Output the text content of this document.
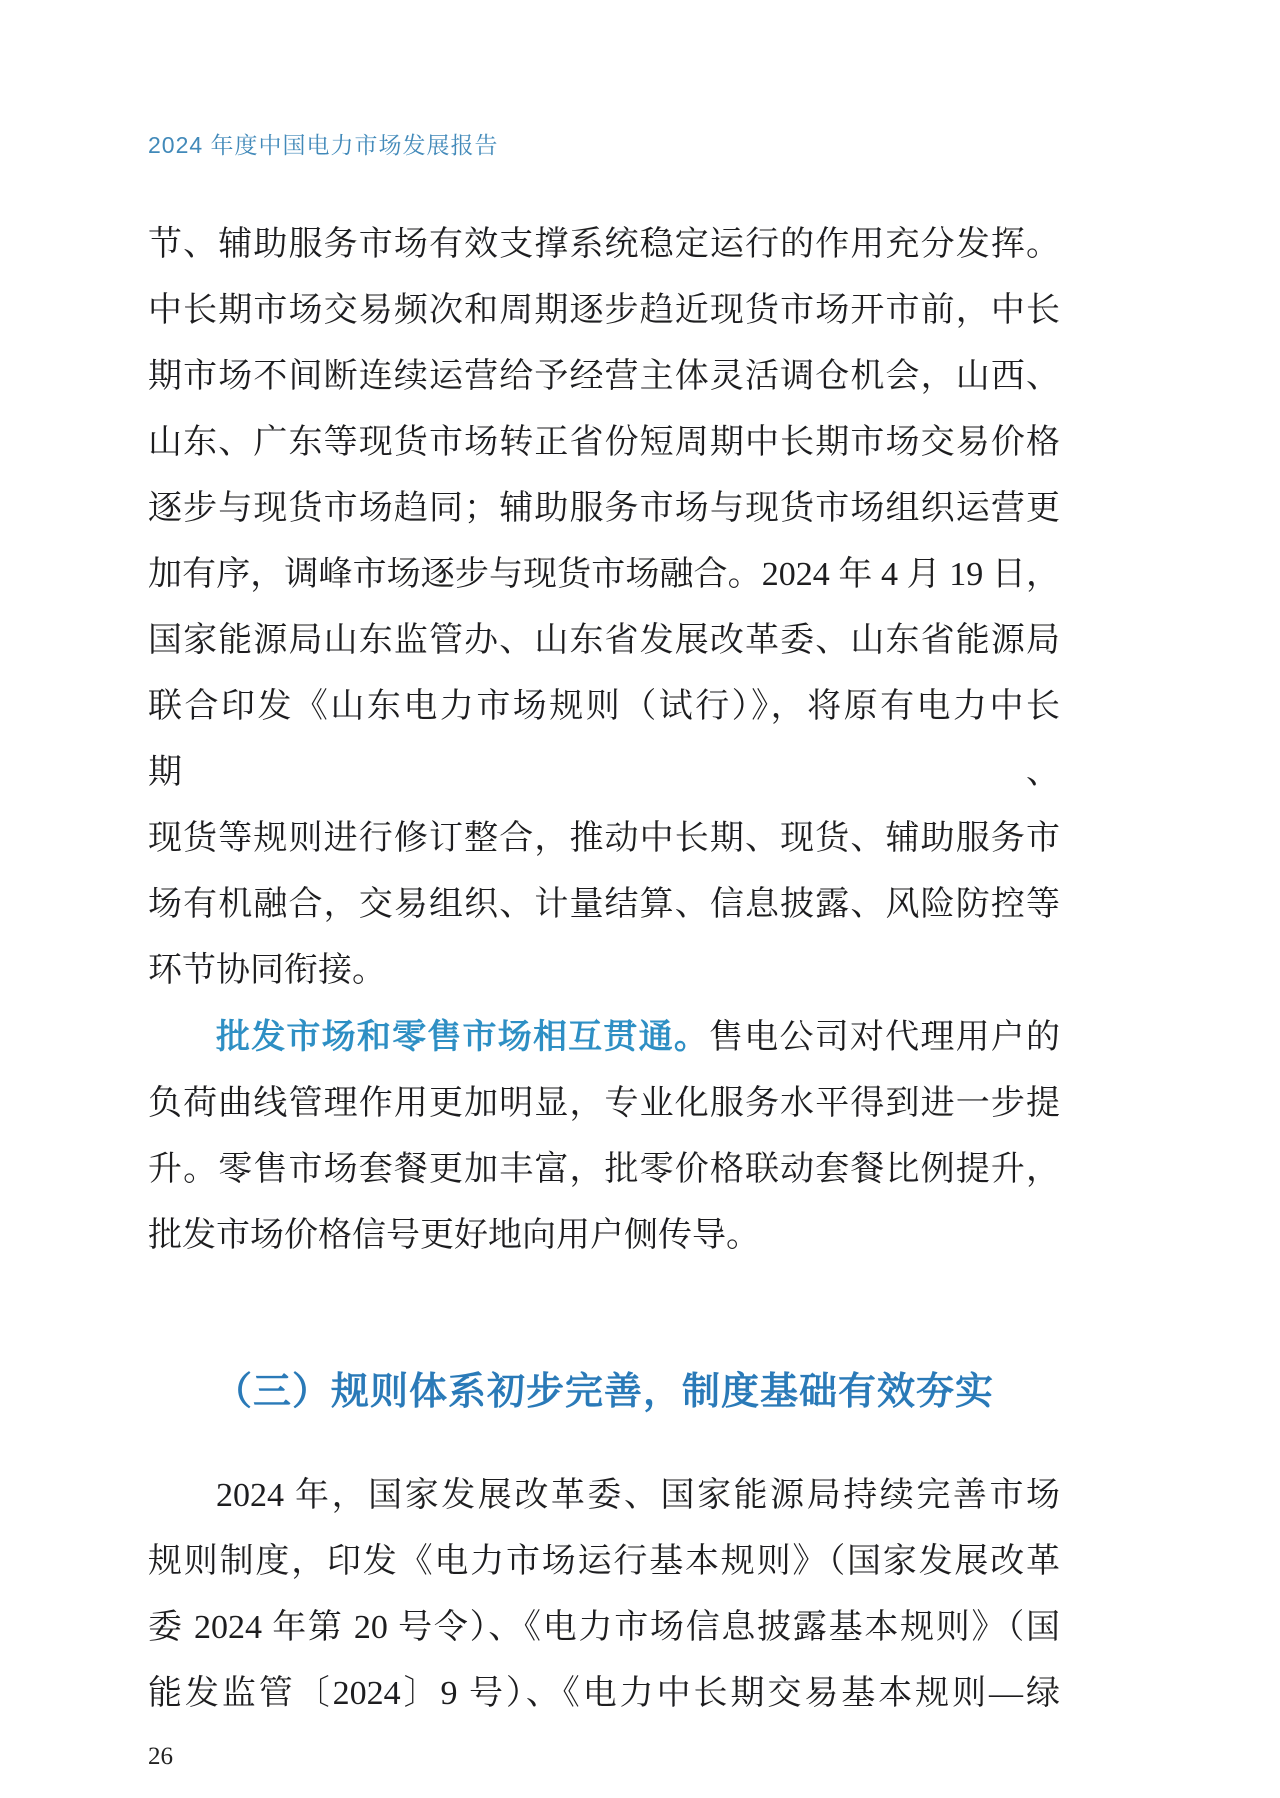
2024 年度中国电力市场发展报告
节、辅助服务市场有效支撑系统稳定运行的作用充分发挥。
中长期市场交易频次和周期逐步趋近现货市场开市前，中长
期市场不间断连续运营给予经营主体灵活调仓机会，山西、
山东、广东等现货市场转正省份短周期中长期市场交易价格
逐步与现货市场趋同；辅助服务市场与现货市场组织运营更
加有序，调峰市场逐步与现货市场融合。2024 年 4 月 19 日，
国家能源局山东监管办、山东省发展改革委、山东省能源局
联合印发《山东电力市场规则（试行）》，将原有电力中长期、
现货等规则进行修订整合，推动中长期、现货、辅助服务市
场有机融合，交易组织、计量结算、信息披露、风险防控等
环节协同衔接。
批发市场和零售市场相互贯通。售电公司对代理用户的
负荷曲线管理作用更加明显，专业化服务水平得到进一步提
升。零售市场套餐更加丰富，批零价格联动套餐比例提升，
批发市场价格信号更好地向用户侧传导。
（三）规则体系初步完善，制度基础有效夯实
2024 年，国家发展改革委、国家能源局持续完善市场
规则制度，印发《电力市场运行基本规则》（国家发展改革
委 2024 年第 20 号令）、《电力市场信息披露基本规则》（国
能发监管〔2024〕9 号）、《电力中长期交易基本规则—绿
26
